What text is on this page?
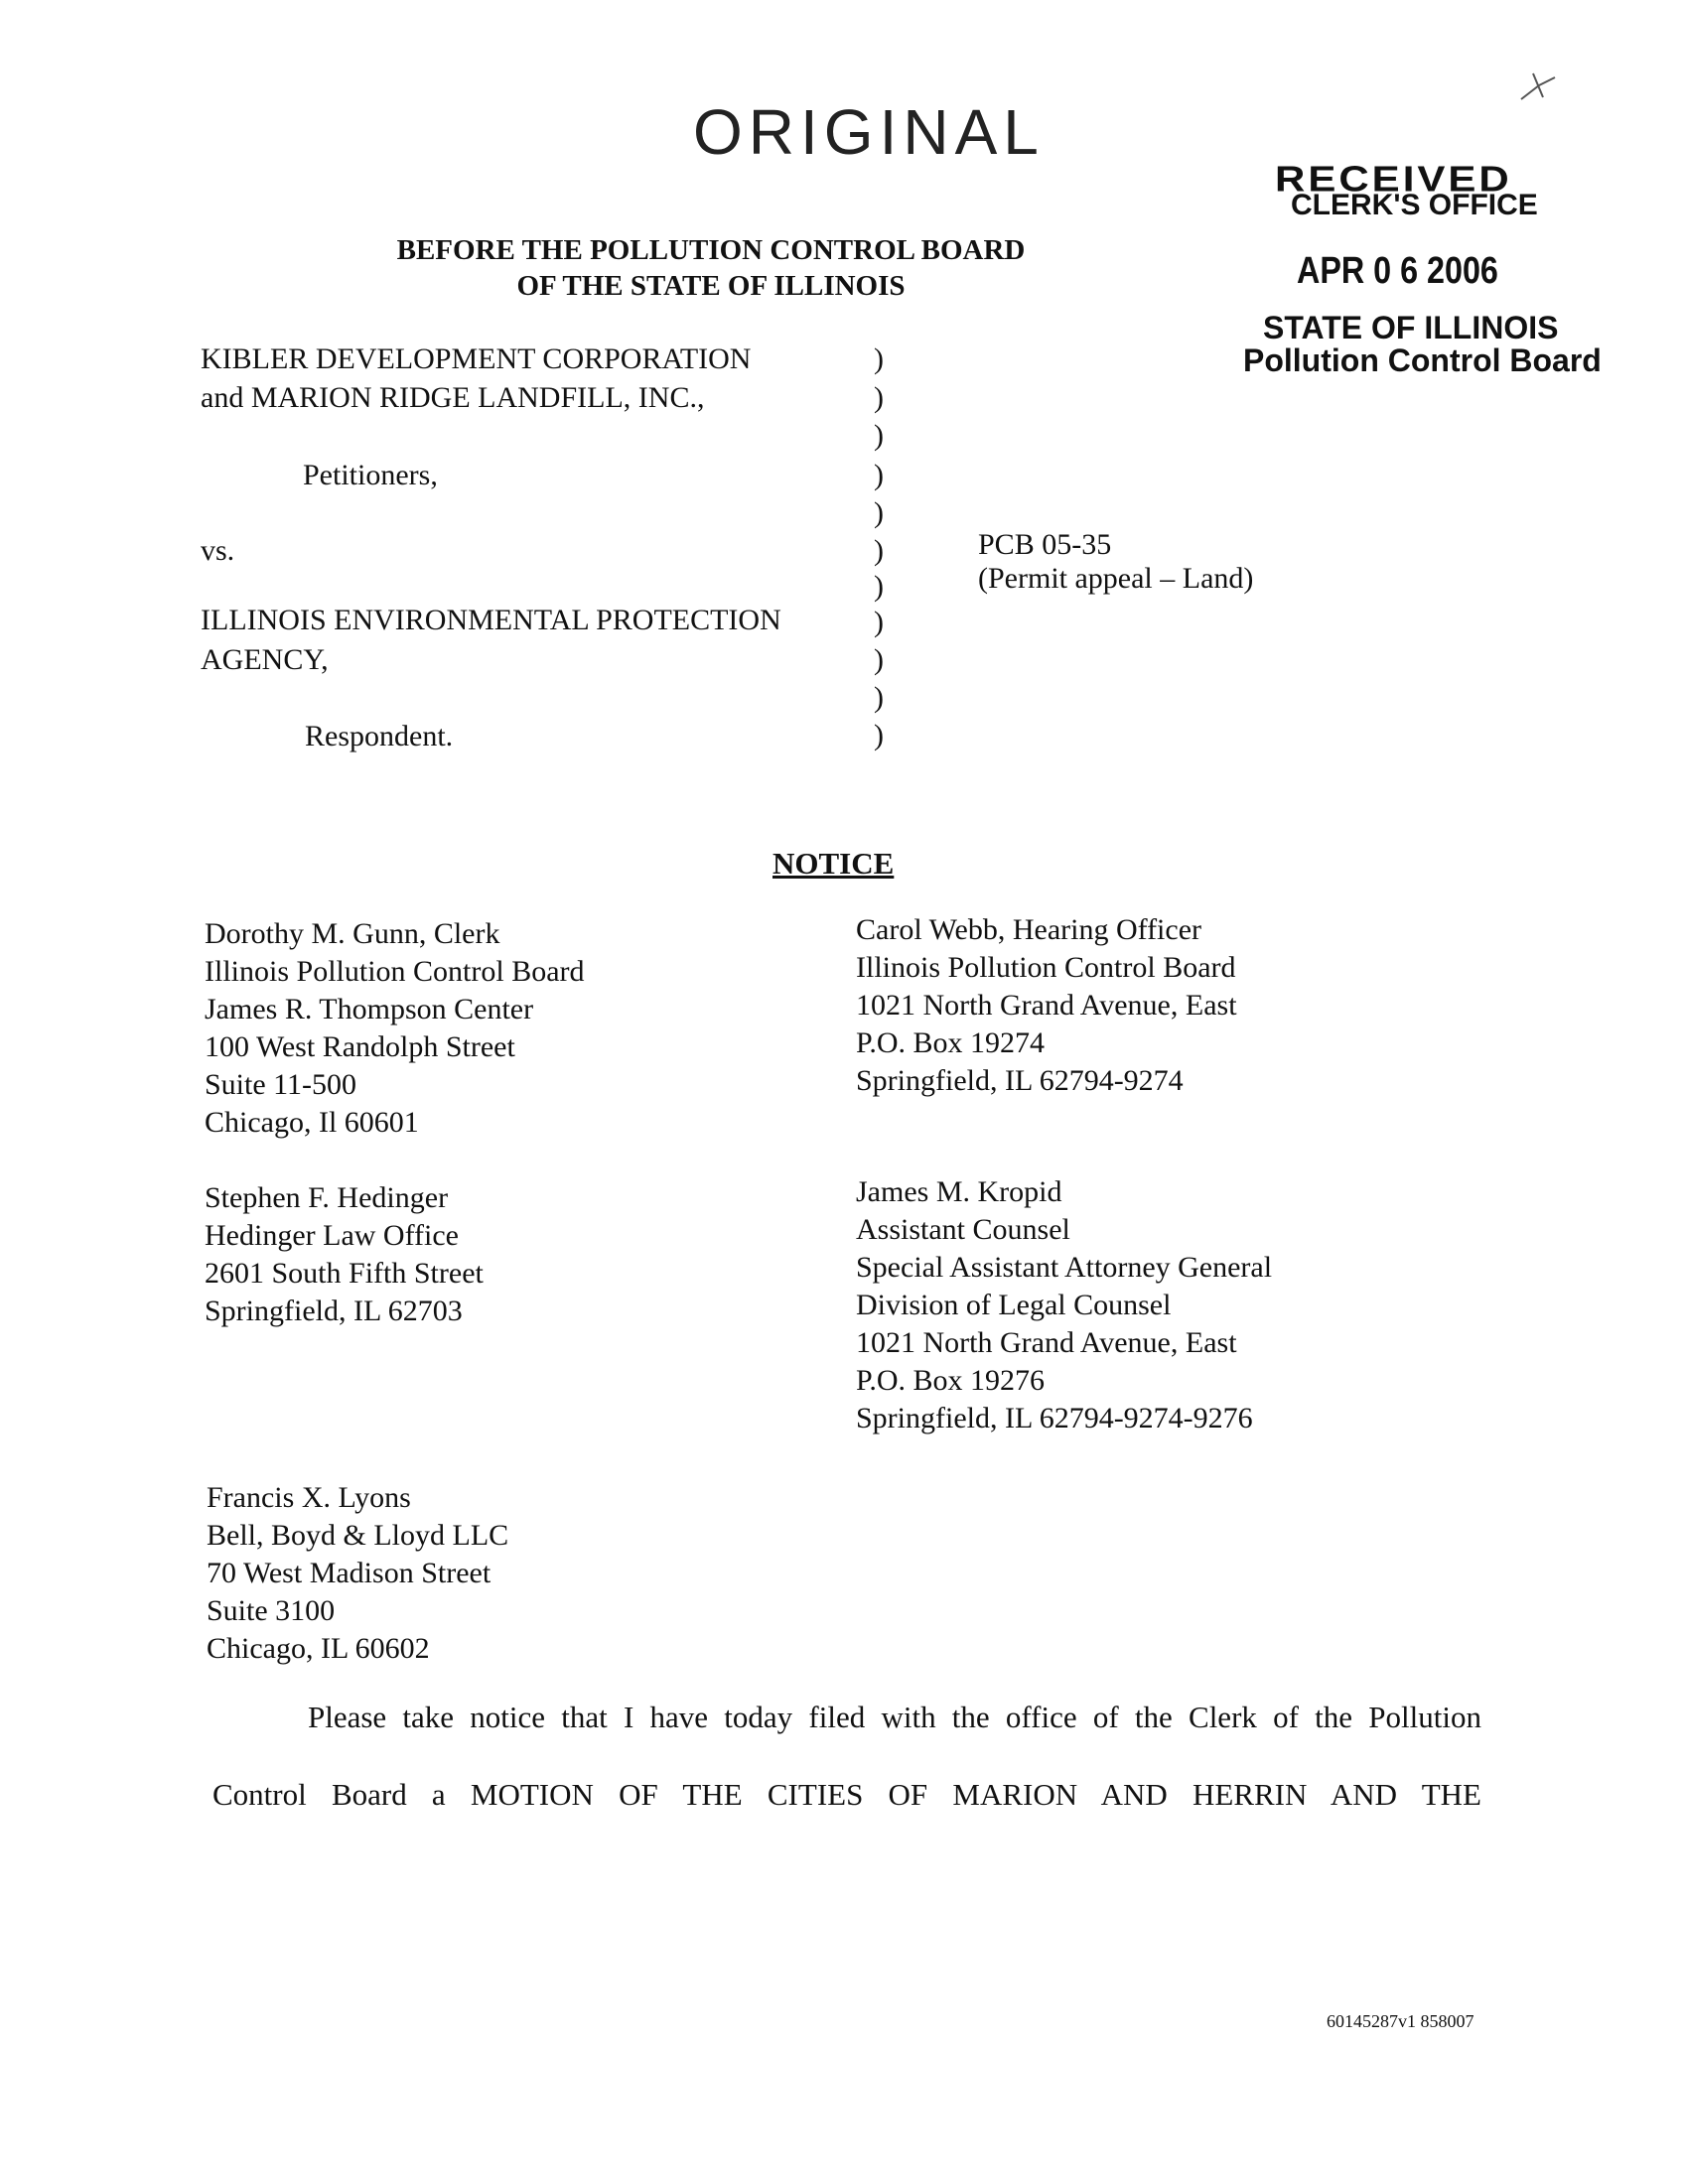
ORIGINAL
RECEIVED
CLERK'S OFFICE
APR 0 6 2006
STATE OF ILLINOIS
Pollution Control Board
BEFORE THE POLLUTION CONTROL BOARD
OF THE STATE OF ILLINOIS
KIBLER DEVELOPMENT CORPORATION
and MARION RIDGE LANDFILL, INC.,
Petitioners,
vs.
ILLINOIS ENVIRONMENTAL PROTECTION
AGENCY,
Respondent.
)
)
)
)
)
)
)
)
)
)
)
PCB 05-35
(Permit appeal – Land)
NOTICE
Dorothy M. Gunn, Clerk
Illinois Pollution Control Board
James R. Thompson Center
100 West Randolph Street
Suite 11-500
Chicago, Il 60601
Carol Webb, Hearing Officer
Illinois Pollution Control Board
1021 North Grand Avenue, East
P.O. Box 19274
Springfield, IL 62794-9274
Stephen F. Hedinger
Hedinger Law Office
2601 South Fifth Street
Springfield, IL 62703
James M. Kropid
Assistant Counsel
Special Assistant Attorney General
Division of Legal Counsel
1021 North Grand Avenue, East
P.O. Box 19276
Springfield, IL 62794-9274-9276
Francis X. Lyons
Bell, Boyd & Lloyd LLC
70 West Madison Street
Suite 3100
Chicago, IL 60602
Please take notice that I have today filed with the office of the Clerk of the Pollution
Control Board a MOTION OF THE CITIES OF MARION AND HERRIN AND THE
60145287v1 858007
